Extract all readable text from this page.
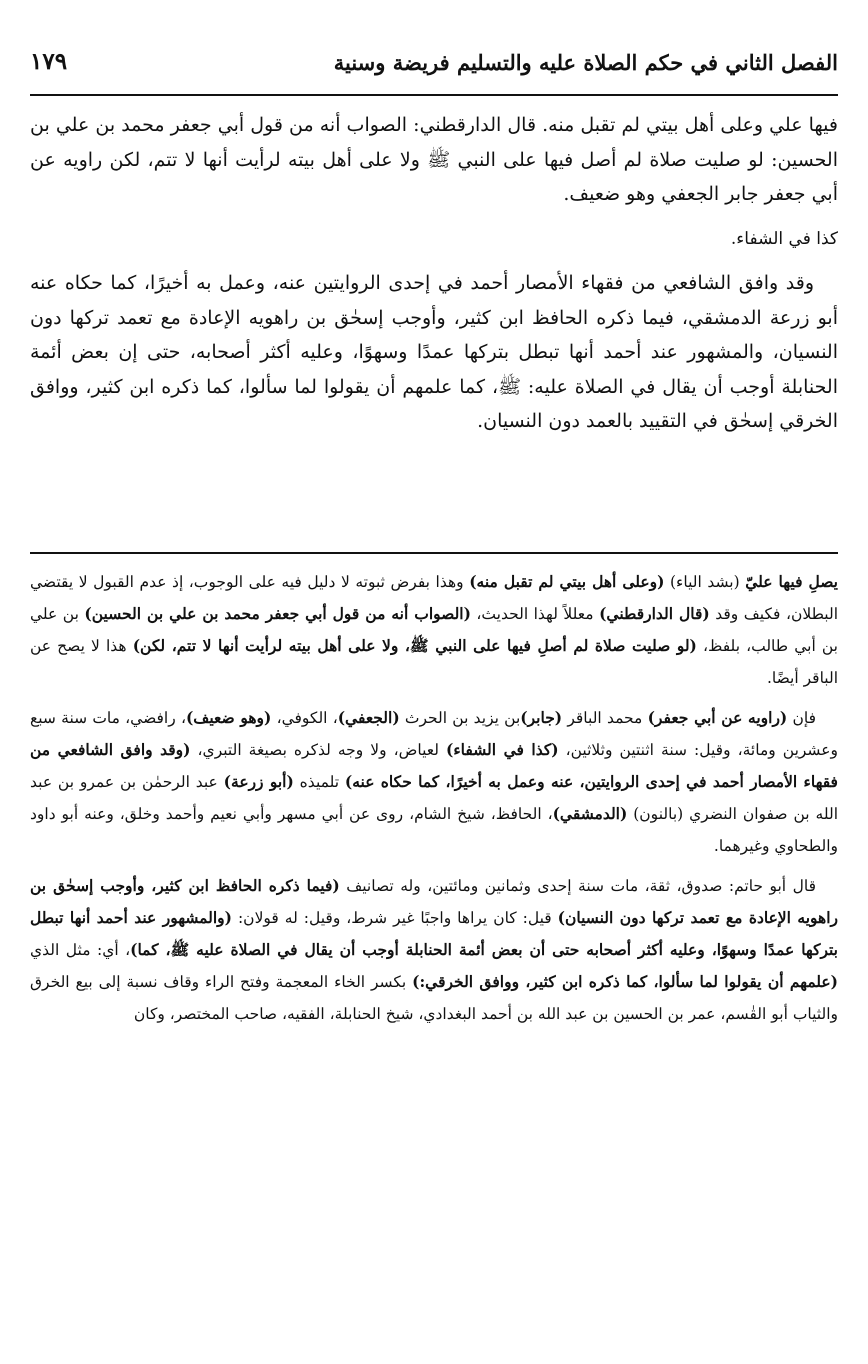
الفصل الثاني في حكم الصلاة عليه والتسليم فريضة وسنية
١٧٩

فيها علي وعلى أهل بيتي لم تقبل منه. قال الدارقطني: الصواب أنه من قول أبي جعفر محمد بن علي بن الحسين: لو صليت صلاة لم أصل فيها على النبي ﷺ ولا على أهل بيته لرأيت أنها لا تتم، لكن راويه عن أبي جعفر جابر الجعفي وهو ضعيف.

كذا في الشفاء.

وقد وافق الشافعي من فقهاء الأمصار أحمد في إحدى الروايتين عنه، وعمل به أخيرًا، كما حكاه عنه أبو زرعة الدمشقي، فيما ذكره الحافظ ابن كثير، وأوجب إسحٰق بن راهويه الإعادة مع تعمد تركها دون النسيان، والمشهور عند أحمد أنها تبطل بتركها عمدًا وسهوًا، وعليه أكثر أصحابه، حتى إن بعض أئمة الحنابلة أوجب أن يقال في الصلاة عليه: ﷺ، كما علمهم أن يقولوا لما سألوا، كما ذكره ابن كثير، ووافق الخرقي إسحٰق في التقييد بالعمد دون النسيان.

يصلِ فيها عليّ (بشد الياء) (وعلى أهل بيتي لم تقبل منه) وهذا بفرض ثبوته لا دليل فيه على الوجوب، إذ عدم القبول لا يقتضي البطلان، فكيف وقد (قال الدارقطني) معللاً لهذا الحديث، (الصواب أنه من قول أبي جعفر محمد بن علي بن الحسين) بن علي بن أبي طالب، بلفظ، (لو صليت صلاة لم أصلِ فيها على النبي ﷺ، ولا على أهل بيته لرأيت أنها لا تتم، لكن) هذا لا يصح عن الباقر أيضًا.

فإن (راويه عن أبي جعفر) محمد الباقر (جابر)بن يزيد بن الحرث (الجعفي)، الكوفي، (وهو ضعيف)، رافضي، مات سنة سبع وعشرين ومائة، وقيل: سنة اثنتين وثلاثين، (كذا في الشفاء) لعياض، ولا وجه لذكره بصيغة التبري، (وقد وافق الشافعي من فقهاء الأمصار أحمد في إحدى الروايتين، عنه وعمل به أخيرًا، كما حكاه عنه) تلميذه (أبو زرعة) عبد الرحمٰن بن عمرو بن عبد الله بن صفوان النضري (بالنون) (الدمشقي)، الحافظ، شيخ الشام، روى عن أبي مسهر وأبي نعيم وأحمد وخلق، وعنه أبو داود والطحاوي وغيرهما.

قال أبو حاتم: صدوق، ثقة، مات سنة إحدى وثمانين ومائتين، وله تصانيف (فيما ذكره الحافظ ابن كثير، وأوجب إسحٰق بن راهويه الإعادة مع تعمد تركها دون النسيان) قيل: كان يراها واجبًا غير شرط، وقيل: له قولان: (والمشهور عند أحمد أنها تبطل بتركها عمدًا وسهوًا، وعليه أكثر أصحابه حتى أن بعض أئمة الحنابلة أوجب أن يقال في الصلاة عليه ﷺ، كما)، أي: مثل الذي (علمهم أن يقولوا لما سألوا، كما ذكره ابن كثير، ووافق الخرقي:) بكسر الخاء المعجمة وفتح الراء وقاف نسبة إلى بيع الخرق والثياب أبو القٰسم، عمر بن الحسين بن عبد الله بن أحمد البغدادي، شيخ الحنابلة، الفقيه، صاحب المختصر، وكان
